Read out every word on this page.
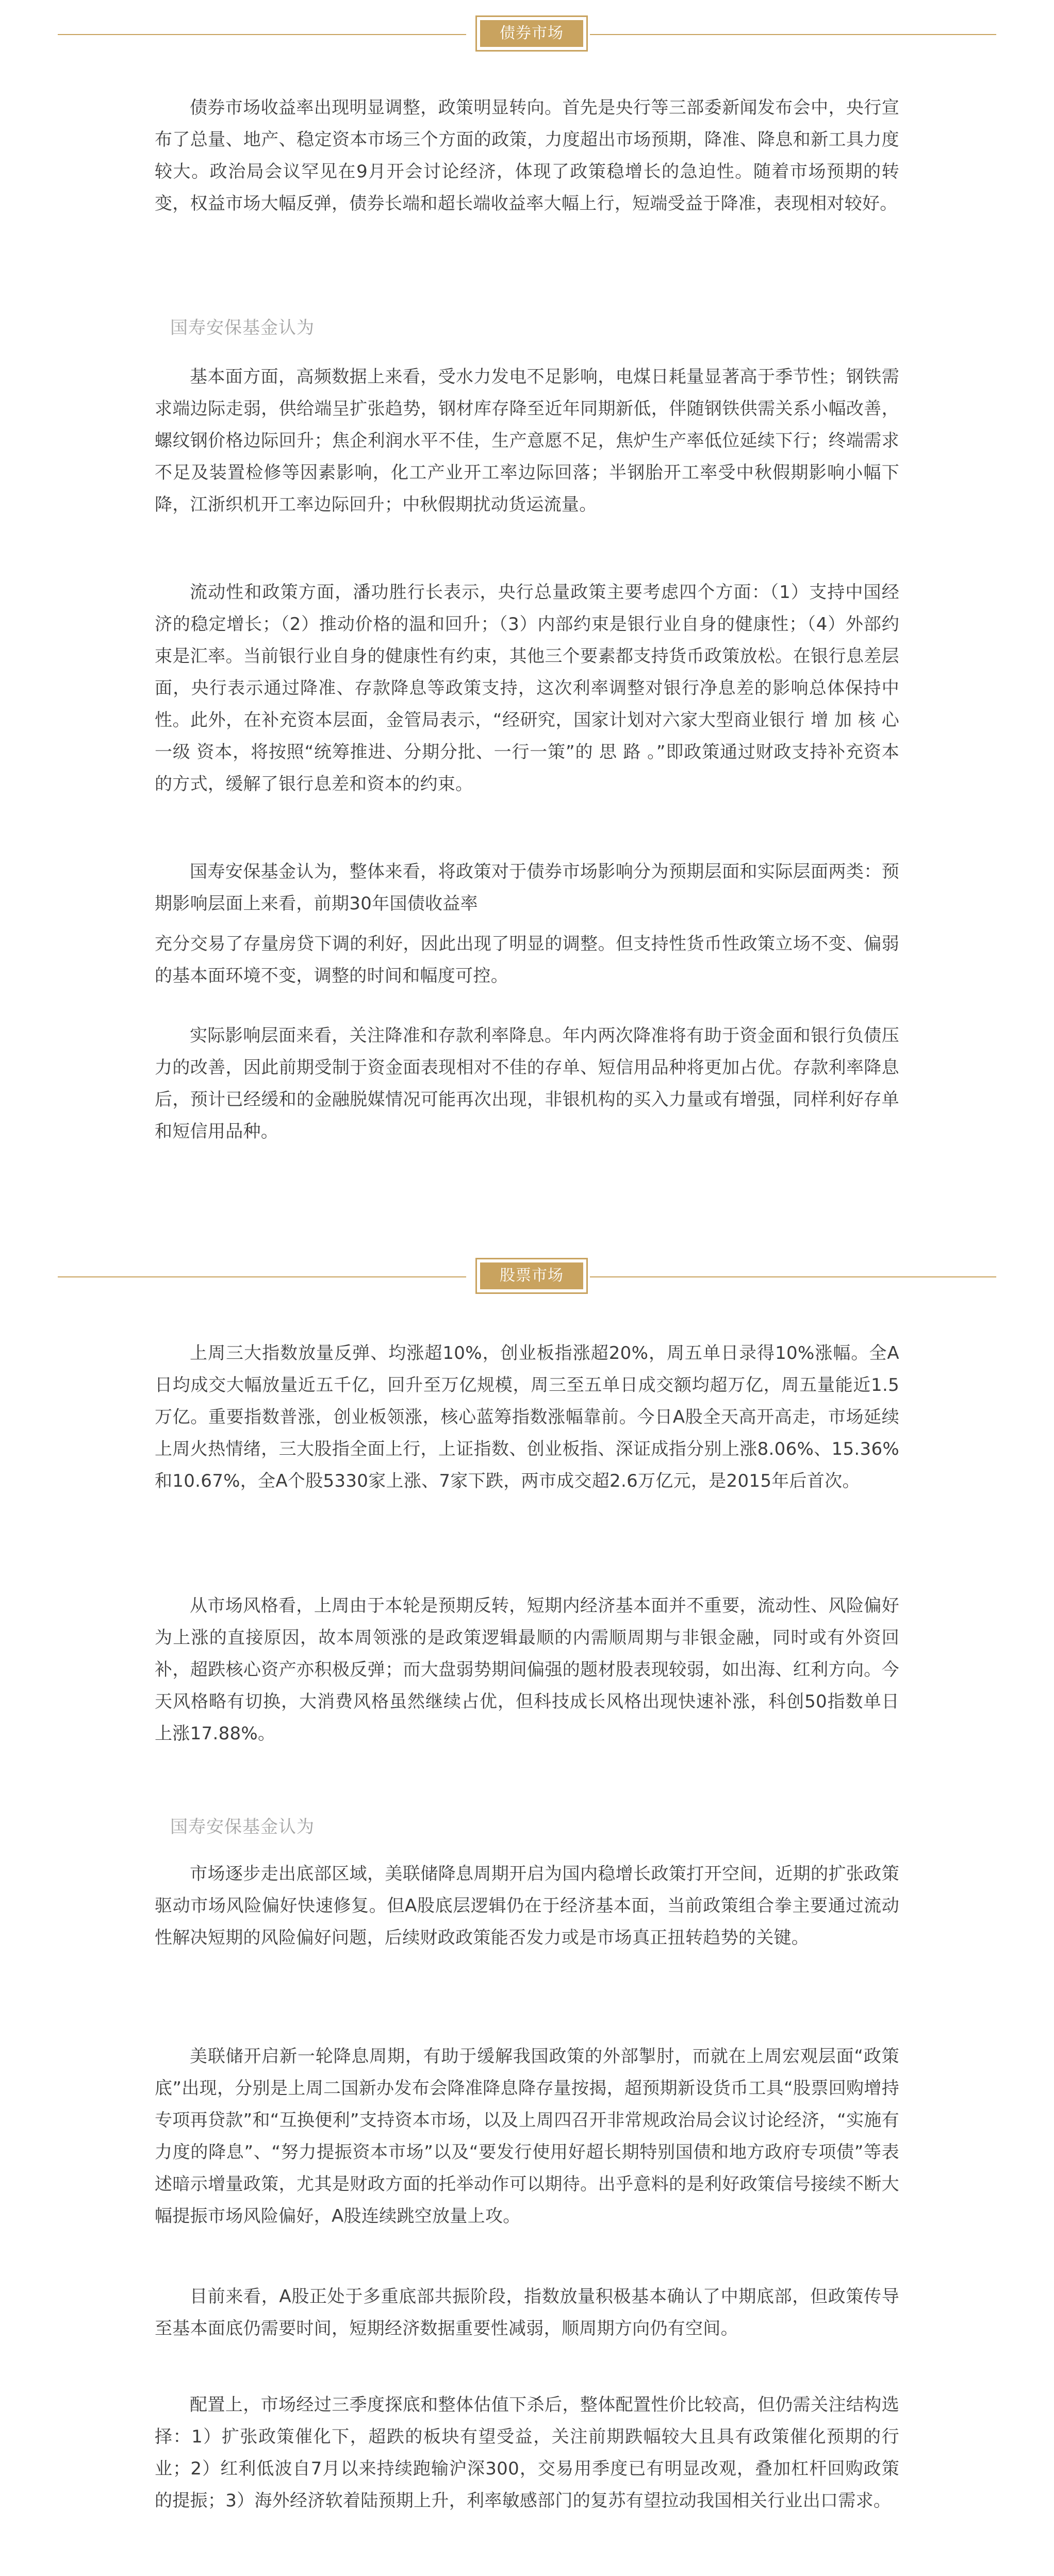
债券市场

债券市场收益率出现明显调整，政策明显转向。首先是央行等三部委新闻发布会中，央行宣布了总量、地产、稳定资本市场三个方面的政策，力度超出市场预期，降准、降息和新工具力度较大。政治局会议罕见在9月开会讨论经济，体现了政策稳增长的急迫性。随着市场预期的转变，权益市场大幅反弹，债券长端和超长端收益率大幅上行，短端受益于降准，表现相对较好。

国寿安保基金认为

基本面方面，高频数据上来看，受水力发电不足影响，电煤日耗量显著高于季节性；钢铁需求端边际走弱，供给端呈扩张趋势，钢材库存降至近年同期新低，伴随钢铁供需关系小幅改善，螺纹钢价格边际回升；焦企利润水平不佳，生产意愿不足，焦炉生产率低位延续下行；终端需求不足及装置检修等因素影响，化工产业开工率边际回落；半钢胎开工率受中秋假期影响小幅下降，江浙织机开工率边际回升；中秋假期扰动货运流量。

流动性和政策方面，潘功胜行长表示，央行总量政策主要考虑四个方面：（1）支持中国经济的稳定增长；（2）推动价格的温和回升；（3）内部约束是银行业自身的健康性；（4）外部约束是汇率。当前银行业自身的健康性有约束，其他三个要素都支持货币政策放松。在银行息差层面，央行表示通过降准、存款降息等政策支持，这次利率调整对银行净息差的影响总体保持中性。此外，在补充资本层面，金管局表示，“经研究，国家计划对六家大型商业银行 增 加 核 心 一级 资本，将按照“统筹推进、分期分批、一行一策”的 思 路 。”即政策通过财政支持补充资本的方式，缓解了银行息差和资本的约束。

国寿安保基金认为，整体来看，将政策对于债券市场影响分为预期层面和实际层面两类：预期影响层面上来看，前期30年国债收益率

充分交易了存量房贷下调的利好，因此出现了明显的调整。但支持性货币性政策立场不变、偏弱的基本面环境不变，调整的时间和幅度可控。

实际影响层面来看，关注降准和存款利率降息。年内两次降准将有助于资金面和银行负债压力的改善，因此前期受制于资金面表现相对不佳的存单、短信用品种将更加占优。存款利率降息后，预计已经缓和的金融脱媒情况可能再次出现，非银机构的买入力量或有增强，同样利好存单和短信用品种。

股票市场

上周三大指数放量反弹、均涨超10%，创业板指涨超20%，周五单日录得10%涨幅。全A日均成交大幅放量近五千亿，回升至万亿规模，周三至五单日成交额均超万亿，周五量能近1.5万亿。重要指数普涨，创业板领涨，核心蓝筹指数涨幅靠前。今日A股全天高开高走，市场延续上周火热情绪，三大股指全面上行，上证指数、创业板指、深证成指分别上涨8.06%、15.36%和10.67%，全A个股5330家上涨、7家下跌，两市成交超2.6万亿元，是2015年后首次。

从市场风格看，上周由于本轮是预期反转，短期内经济基本面并不重要，流动性、风险偏好为上涨的直接原因，故本周领涨的是政策逻辑最顺的内需顺周期与非银金融，同时或有外资回补，超跌核心资产亦积极反弹；而大盘弱势期间偏强的题材股表现较弱，如出海、红利方向。今天风格略有切换，大消费风格虽然继续占优，但科技成长风格出现快速补涨，科创50指数单日上涨17.88%。

国寿安保基金认为

市场逐步走出底部区域，美联储降息周期开启为国内稳增长政策打开空间，近期的扩张政策驱动市场风险偏好快速修复。但A股底层逻辑仍在于经济基本面，当前政策组合拳主要通过流动性解决短期的风险偏好问题，后续财政政策能否发力或是市场真正扭转趋势的关键。

美联储开启新一轮降息周期，有助于缓解我国政策的外部掣肘，而就在上周宏观层面“政策底”出现，分别是上周二国新办发布会降准降息降存量按揭，超预期新设货币工具“股票回购增持专项再贷款”和“互换便利”支持资本市场，以及上周四召开非常规政治局会议讨论经济，“实施有力度的降息”、“努力提振资本市场”以及“要发行使用好超长期特别国债和地方政府专项债”等表述暗示增量政策，尤其是财政方面的托举动作可以期待。出乎意料的是利好政策信号接续不断大幅提振市场风险偏好，A股连续跳空放量上攻。

目前来看，A股正处于多重底部共振阶段，指数放量积极基本确认了中期底部，但政策传导至基本面底仍需要时间，短期经济数据重要性减弱，顺周期方向仍有空间。

配置上，市场经过三季度探底和整体估值下杀后，整体配置性价比较高，但仍需关注结构选择：1）扩张政策催化下，超跌的板块有望受益，关注前期跌幅较大且具有政策催化预期的行业；2）红利低波自7月以来持续跑输沪深300，交易用季度已有明显改观，叠加杠杆回购政策的提振；3）海外经济软着陆预期上升，利率敏感部门的复苏有望拉动我国相关行业出口需求。
